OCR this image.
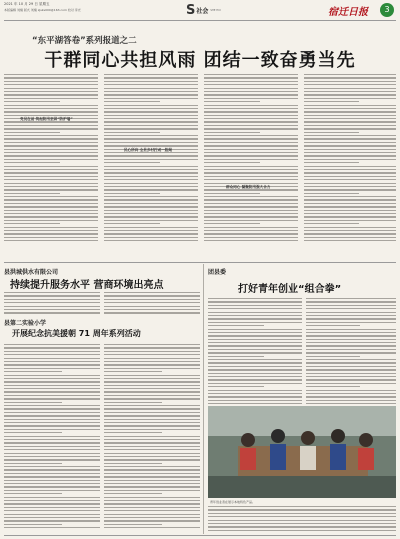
2021 年 10 月 29 日 星期五
本版编辑 刘楠 版式 刘楠 zjsks000@163.com 校对 李光	S 社会 SHE HUI	宿迁日报	3
“东平湖答卷”系列报道之二
干群同心共担风雨 团结一致奋勇当先
党员在前 筑起防汛坚固“防护墙”
民心所向 全县乡村拧成一股绳
群众同心 凝聚防汛强大合力
县洪城供水有限公司
持续提升服务水平 营商环境出亮点
县第二实验小学
开展纪念抗美援朝 71 周年系列活动
团县委
打好青年创业“组合拳”
青年创业者在展示本地特色产品。
